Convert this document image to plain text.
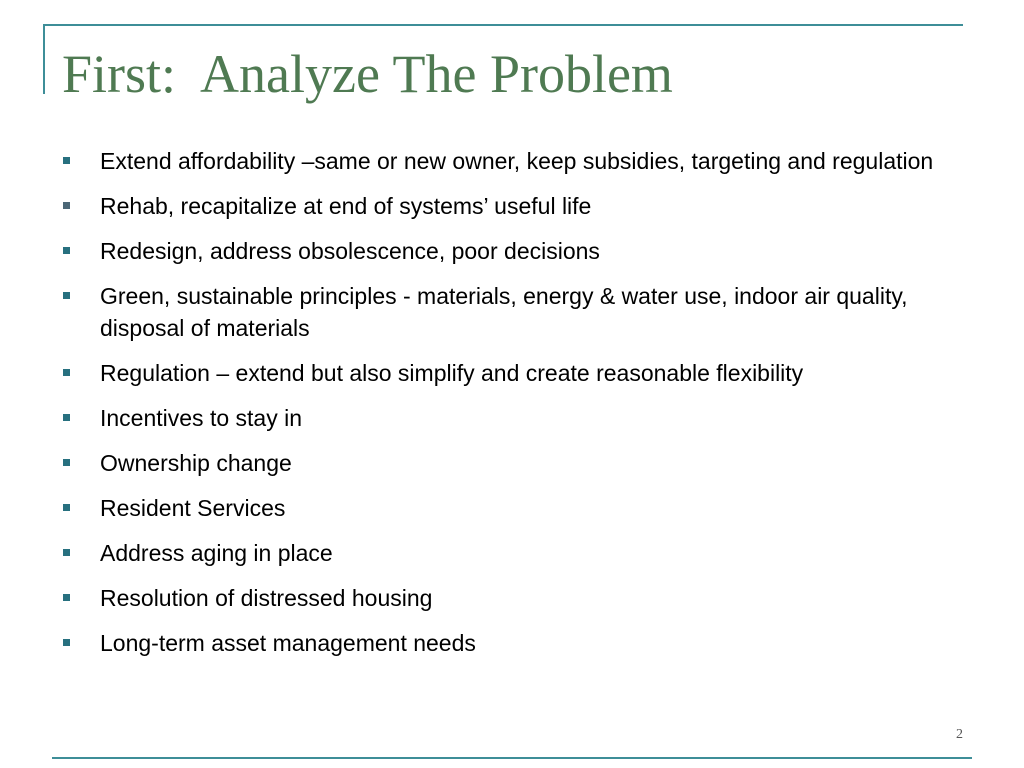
First:  Analyze The Problem
Extend affordability –same or new owner, keep subsidies, targeting and regulation
Rehab, recapitalize at end of systems’ useful life
Redesign, address obsolescence, poor decisions
Green, sustainable principles - materials, energy & water use, indoor air quality, disposal of materials
Regulation – extend but also simplify and create reasonable flexibility
Incentives to stay in
Ownership change
Resident Services
Address aging in place
Resolution of distressed housing
Long-term asset management needs
2
